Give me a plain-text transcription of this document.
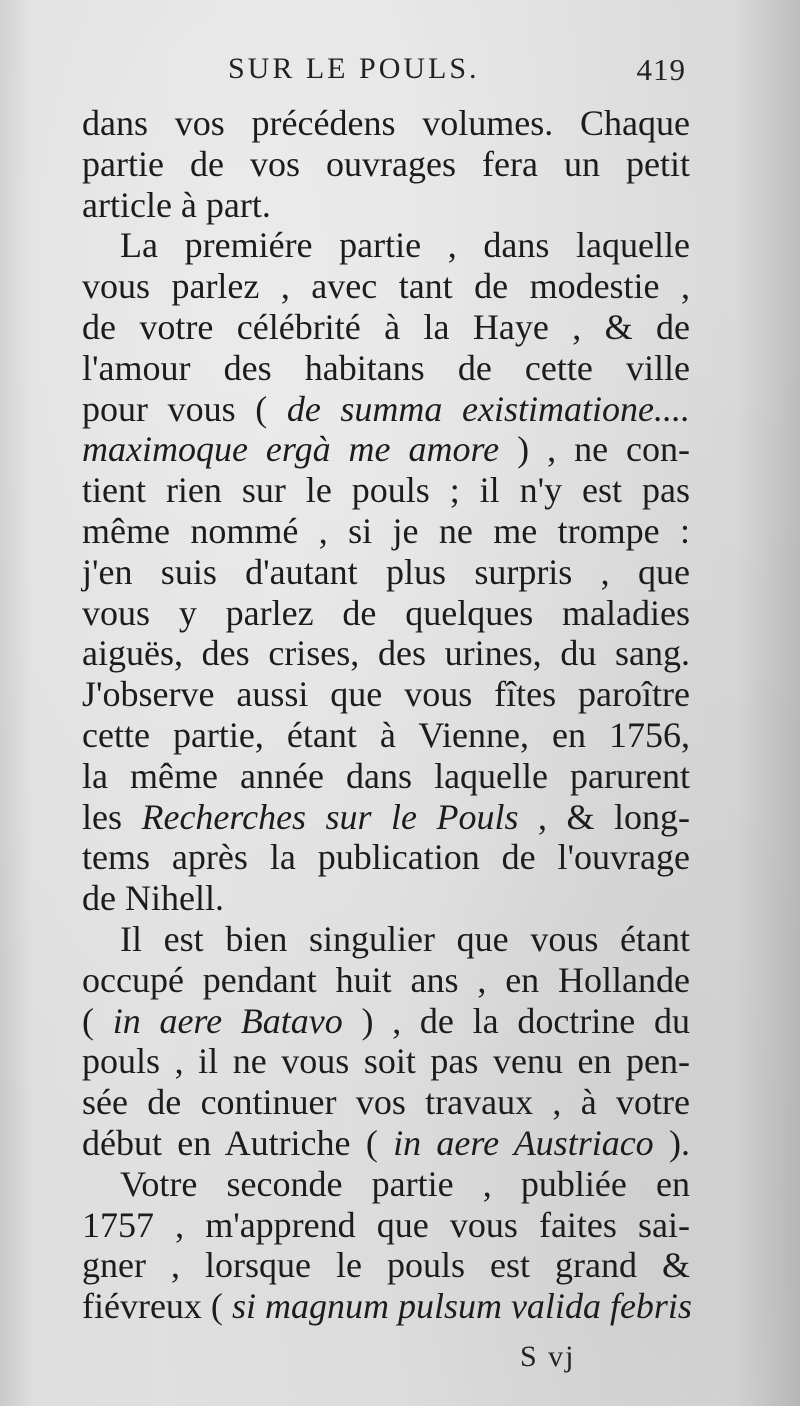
SUR LE POULS.	419
dans vos précédens volumes. Chaque
partie de vos ouvrages fera un petit
article à part.
La premiére partie , dans laquelle
vous parlez , avec tant de modestie ,
de votre célébrité à la Haye , & de
l'amour des habitans de cette ville
pour vous ( de summa existimatione....
maximoque ergà me amore ) , ne con-
tient rien sur le pouls ; il n'y est pas
même nommé , si je ne me trompe :
j'en suis d'autant plus surpris , que
vous y parlez de quelques maladies
aiguës, des crises, des urines, du sang.
J'observe aussi que vous fîtes paroître
cette partie, étant à Vienne, en 1756,
la même année dans laquelle parurent
les Recherches sur le Pouls , & long-
tems après la publication de l'ouvrage
de Nihell.
Il est bien singulier que vous étant
occupé pendant huit ans , en Hollande
( in aere Batavo ) , de la doctrine du
pouls , il ne vous soit pas venu en pen-
sée de continuer vos travaux , à votre
début en Autriche ( in aere Austriaco ).
Votre seconde partie , publiée en
1757 , m'apprend que vous faites sai-
gner , lorsque le pouls est grand &
fiévreux ( si magnum pulsum valida febris
S vj
